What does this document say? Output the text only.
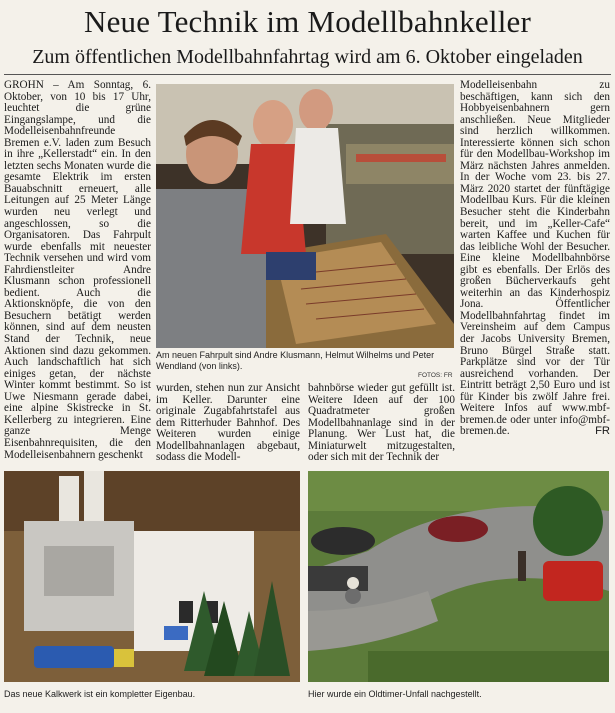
Neue Technik im Modellbahnkeller
Zum öffentlichen Modellbahnfahrtag wird am 6. Oktober eingeladen

GROHN – Am Sonntag, 6. Oktober, von 10 bis 17 Uhr, leuchtet die grüne Eingangslampe, und die Modelleisenbahnfreunde Bremen e.V. laden zum Besuch in ihre „Kellerstadt“ ein. In den letzten sechs Monaten wurde die gesamte Elektrik im ersten Bauabschnitt erneuert, alle Leitungen auf 25 Meter Länge wurden neu verlegt und angeschlossen, so die Organisatoren. Das Fahrpult wurde ebenfalls mit neuester Technik versehen und wird vom Fahrdienstleiter Andre Klusmann schon professionell bedient. Auch die Aktionsknöpfe, die von den Besuchern betätigt werden können, sind auf dem neusten Stand der Technik, neue Aktionen sind dazu gekommen. Auch landschaftlich hat sich einiges getan, der nächste Winter kommt bestimmt. So ist Uwe Niesmann gerade dabei, eine alpine Skistrecke in St. Kellerberg zu integrieren. Eine ganze Menge Eisenbahnrequisiten, die den Modelleisenbahnern geschenkt

Am neuen Fahrpult sind Andre Klusmann, Helmut Wilhelms und Peter Wendland (von links).
FOTOS: FR

wurden, stehen nun zur Ansicht im Keller. Darunter eine originale Zugabfahrtstafel aus dem Ritterhuder Bahnhof. Des Weiteren wurden einige Modellbahnanlagen abgebaut, sodass die Modell-

bahnbörse wieder gut gefüllt ist. Weitere Ideen auf der 100 Quadratmeter großen Modellbahnanlage sind in der Planung. Wer Lust hat, die Miniaturwelt mitzugestalten, oder sich mit der Technik der

Modelleisenbahn zu beschäftigen, kann sich den Hobbyeisenbahnern gern anschließen. Neue Mitglieder sind herzlich willkommen. Interessierte können sich schon für den Modellbau-Workshop im März nächsten Jahres anmelden. In der Woche vom 23. bis 27. März 2020 startet der fünftägige Modellbau Kurs. Für die kleinen Besucher steht die Kinderbahn bereit, und im „Keller-Cafe“ warten Kaffee und Kuchen für das leibliche Wohl der Besucher. Eine kleine Modellbahnbörse gibt es ebenfalls. Der Erlös des großen Bücherverkaufs geht weiterhin an das Kinderhospiz Jona. Öffentlicher Modellbahnfahrtag findet im Vereinsheim auf dem Campus der Jacobs University Bremen, Bruno Bürgel Straße statt. Parkplätze sind vor der Tür ausreichend vorhanden. Der Eintritt beträgt 2,50 Euro und ist für Kinder bis zwölf Jahre frei. Weitere Infos auf www.mbf-bremen.de oder unter info@mbf-bremen.de.	FR

Das neue Kalkwerk ist ein kompletter Eigenbau.	Hier wurde ein Oldtimer-Unfall nachgestellt.
